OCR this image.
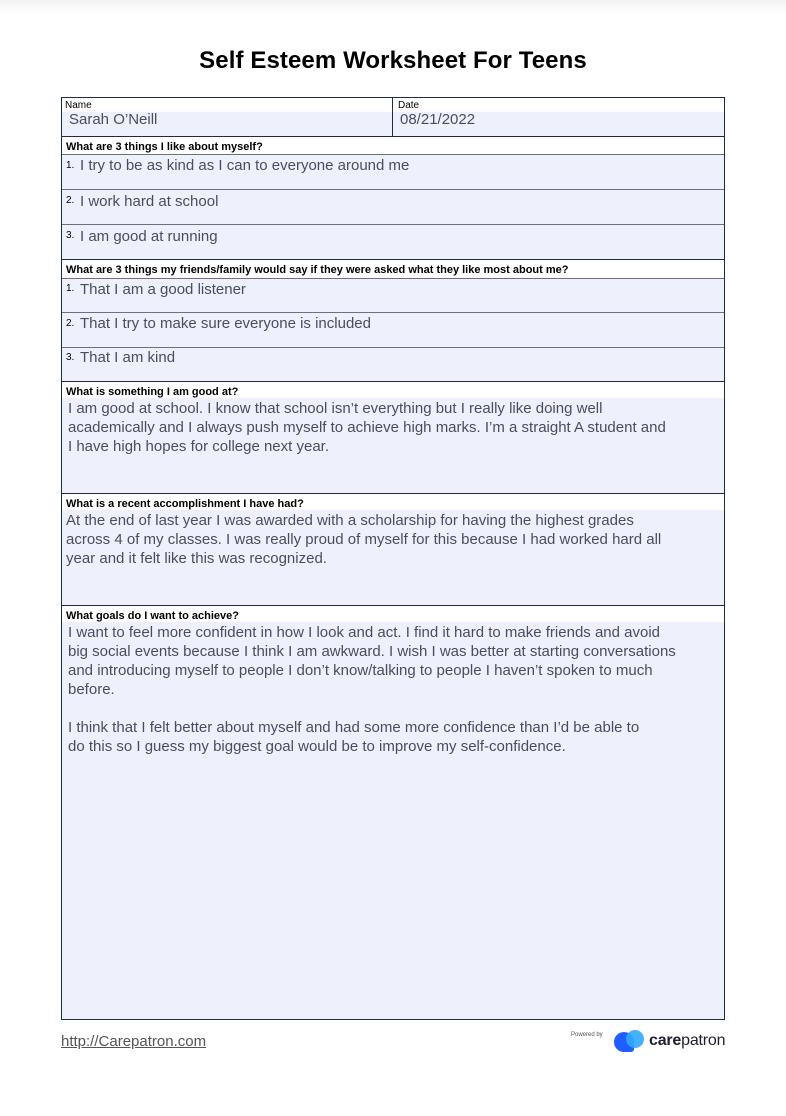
Self Esteem Worksheet For Teens
Name
Sarah O’Neill
Date
08/21/2022
What are 3 things I like about myself?
1. I try to be as kind as I can to everyone around me
2. I work hard at school
3. I am good at running
What are 3 things my friends/family would say if they were asked what they like most about me?
1. That I am a good listener
2. That I try to make sure everyone is included
3. That I am kind
What is something I am good at?
I am good at school. I know that school isn’t everything but I really like doing well
academically and I always push myself to achieve high marks. I’m a straight A student and
I have high hopes for college next year.
What is a recent accomplishment I have had?
At the end of last year I was awarded with a scholarship for having the highest grades
across 4 of my classes. I was really proud of myself for this because I had worked hard all
year and it felt like this was recognized.
What goals do I want to achieve?
I want to feel more confident in how I look and act. I find it hard to make friends and avoid
big social events because I think I am awkward. I wish I was better at starting conversations
and introducing myself to people I don’t know/talking to people I haven’t spoken to much
before.

I think that I felt better about myself and had some more confidence than I’d be able to
do this so I guess my biggest goal would be to improve my self-confidence.
http://Carepatron.com	Powered by	carepatron
